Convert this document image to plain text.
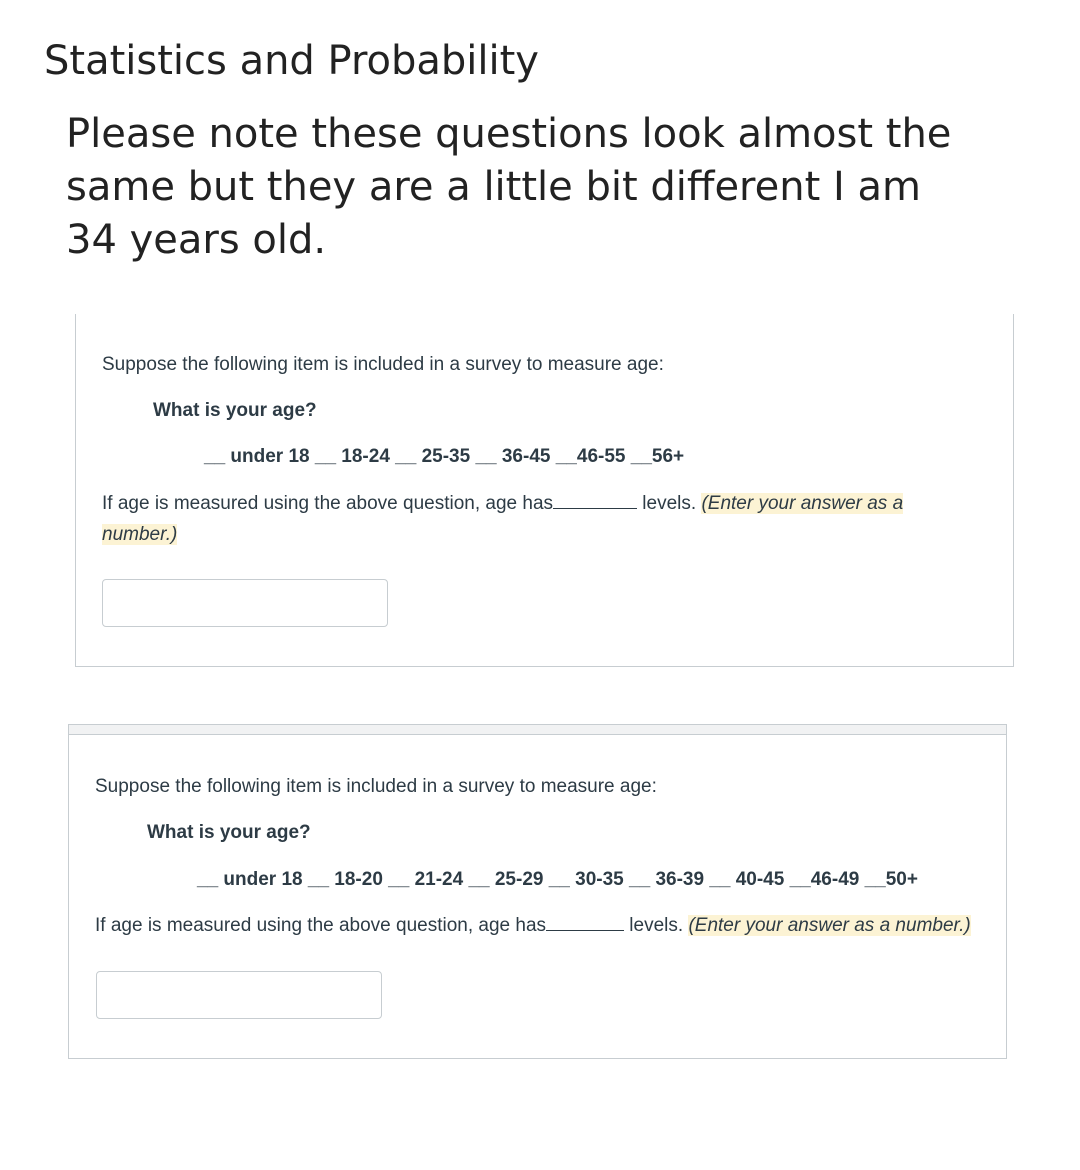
Statistics and Probability
Please note these questions look almost the same but they are a little bit different I am 34 years old.
Suppose the following item is included in a survey to measure age:
What is your age?
__ under 18 __ 18-24 __ 25-35 __ 36-45 __46-55 __56+
If age is measured using the above question, age has	levels. (Enter your answer as a number.)
Suppose the following item is included in a survey to measure age:
What is your age?
__ under 18 __ 18-20 __ 21-24 __ 25-29 __ 30-35 __ 36-39 __ 40-45 __46-49 __50+
If age is measured using the above question, age has	levels. (Enter your answer as a number.)
